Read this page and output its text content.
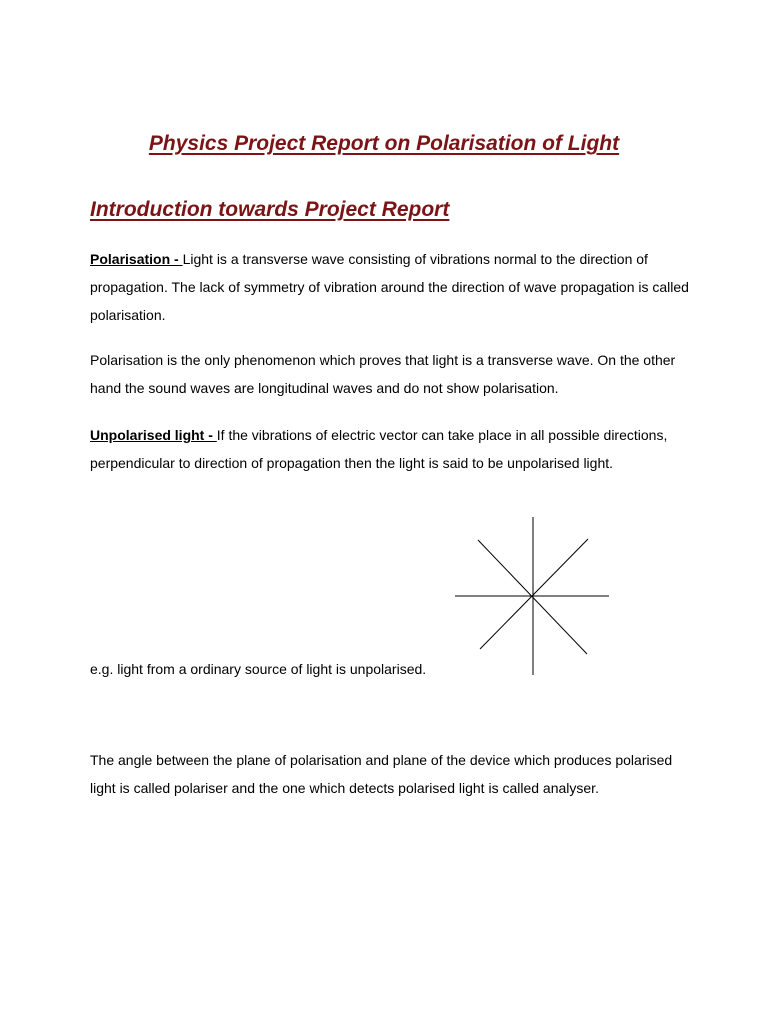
Physics Project Report on Polarisation of Light
Introduction towards Project Report

Polarisation - Light is a transverse wave consisting of vibrations normal to the direction of propagation. The lack of symmetry of vibration around the direction of wave propagation is called polarisation.

Polarisation is the only phenomenon which proves that light is a transverse wave. On the other hand the sound waves are longitudinal waves and do not show polarisation.

Unpolarised light - If the vibrations of electric vector can take place in all possible directions, perpendicular to direction of propagation then the light is said to be unpolarised light.

e.g. light from a ordinary source of light is unpolarised.

The angle between the plane of polarisation and plane of the device which produces polarised light is called polariser and the one which detects polarised light is called analyser.
